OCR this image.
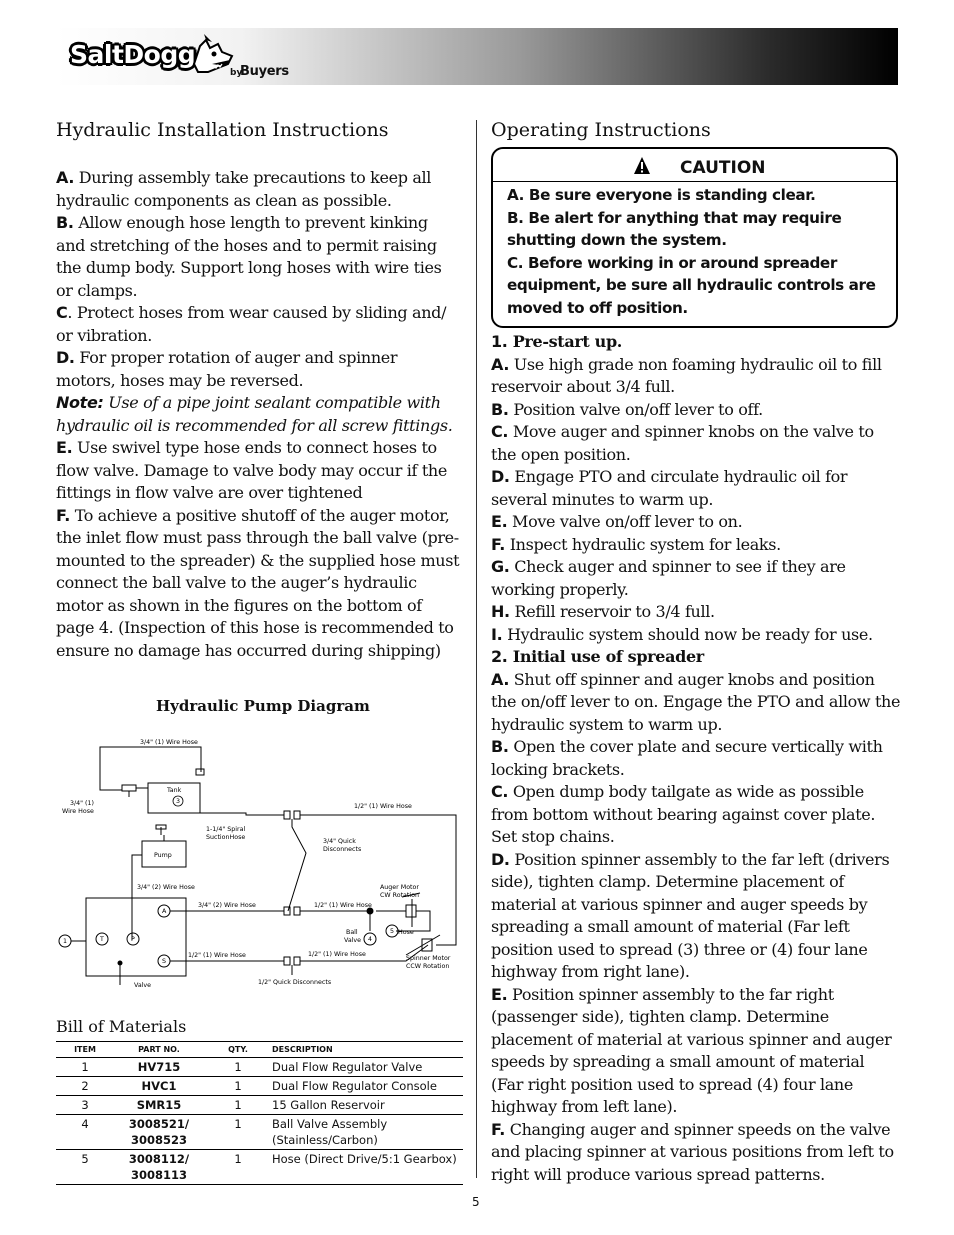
SaltDogg
by
Buyers
Hydraulic Installation Instructions

A. During assembly take precautions to keep all hydraulic components as clean as possible.

B. Allow enough hose length to prevent kinking and stretching of the hoses and to permit raising the dump body. Support long hoses with wire ties or clamps.

C. Protect hoses from wear caused by sliding and/ or vibration.

D. For proper rotation of auger and spinner motors, hoses may be reversed.

Note: Use of a pipe joint sealant compatible with hydraulic oil is recommended for all screw fittings.

E. Use swivel type hose ends to connect hoses to flow valve. Damage to valve body may occur if the fittings in flow valve are over tightened

F. To achieve a positive shutoff of the auger motor, the inlet flow must pass through the ball valve (pre-mounted to the spreader) & the supplied hose must connect the ball valve to the auger’s hydraulic motor as shown in the figures on the bottom of page 4. (Inspection of this hose is recommended to ensure no damage has occurred during shipping)

Hydraulic Pump Diagram
3/4" (1) Wire Hose
Tank
3
3/4" (1)
Wire Hose
1-1/4" Spiral
SuctionHose
3/4" Quick
Disconnects
1/2" (1) Wire Hose
Pump
3/4" (2) Wire Hose
3/4" (2) Wire Hose	1/2" (1) Wire Hose
Auger Motor
CW Rotation
Ball
Valve 4
5 Hose
1/2" (1) Wire Hose	1/2" (1) Wire Hose
Spinner Motor
CCW Rotation
Valve	1/2" Quick Disconnects
1
A
T	P
S
Bill of Materials
ITEM	PART NO.	QTY.	DESCRIPTION
1	HV715	1	Dual Flow Regulator Valve
2	HVC1	1	Dual Flow Regulator Console
3	SMR15	1	15 Gallon Reservoir
4	3008521/
3008523	1	Ball Valve Assembly (Stainless/Carbon)
5	3008112/
3008113	1	Hose (Direct Drive/5:1 Gearbox)
Operating Instructions
CAUTION
A. Be sure everyone is standing clear.
B. Be alert for anything that may require shutting down the system.
C. Before working in or around spreader equipment, be sure all hydraulic controls are moved to off position.

1. Pre-start up.

A. Use high grade non foaming hydraulic oil to fill reservoir about 3/4 full.

B. Position valve on/off lever to off.

C. Move auger and spinner knobs on the valve to the open position.

D. Engage PTO and circulate hydraulic oil for several minutes to warm up.

E. Move valve on/off lever to on.

F. Inspect hydraulic system for leaks.

G. Check auger and spinner to see if they are working properly.

H. Refill reservoir to 3/4 full.

I. Hydraulic system should now be ready for use.

2. Initial use of spreader

A. Shut off spinner and auger knobs and position the on/off lever to on. Engage the PTO and allow the hydraulic system to warm up.

B. Open the cover plate and secure vertically with locking brackets.

C. Open dump body tailgate as wide as possible from bottom without bearing against cover plate. Set stop chains.

D. Position spinner assembly to the far left (drivers side), tighten clamp. Determine placement of material at various spinner and auger speeds by spreading a small amount of material (Far left position used to spread (3) three or (4) four lane highway from right lane).

E. Position spinner assembly to the far right (passenger side), tighten clamp. Determine placement of material at various spinner and auger speeds by spreading a small amount of material (Far right position used to spread (4) four lane highway from left lane).

F. Changing auger and spinner speeds on the valve and placing spinner at various positions from left to right will produce various spread patterns.

5
